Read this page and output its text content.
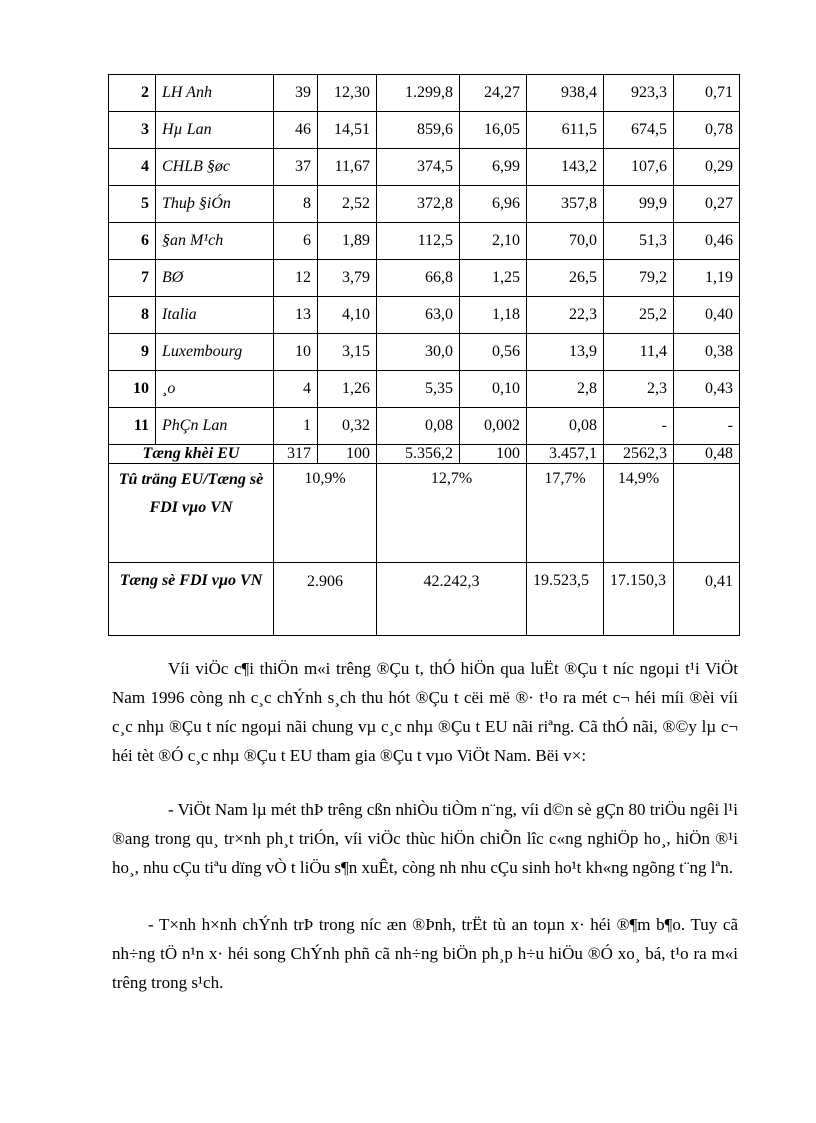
2	LH Anh	39	12,30	1.299,8	24,27	938,4	923,3	0,71
3	Hµ Lan	46	14,51	859,6	16,05	611,5	674,5	0,78
4	CHLB §øc	37	11,67	374,5	6,99	143,2	107,6	0,29
5	Thuþ §iÓn	8	2,52	372,8	6,96	357,8	99,9	0,27
6	§an M¹ch	6	1,89	112,5	2,10	70,0	51,3	0,46
7	BØ	12	3,79	66,8	1,25	26,5	79,2	1,19
8	Italia	13	4,10	63,0	1,18	22,3	25,2	0,40
9	Luxembourg	10	3,15	30,0	0,56	13,9	11,4	0,38
10	¸o	4	1,26	5,35	0,10	2,8	2,3	0,43
11	PhÇn Lan	1	0,32	0,08	0,002	0,08	-	-
Tæng khèi EU		317	100	5.356,2	100	3.457,1	2562,3	0,48
Tû träng EU/Tæng sè FDI vµo VN		10,9%		12,7%		17,7%	14,9%	
Tæng sè FDI vµo VN		2.906		42.242,3		19.523,5	17.150,3	0,41

Víi viÖc c¶i thiÖn m«i trêng ®Çu t, thÓ hiÖn qua luËt ®Çu t níc ngoµi t¹i ViÖt Nam 1996 còng nh c¸c chÝnh s¸ch thu hót ®Çu t cëi më ®· t¹o ra mét c¬ héi míi ®èi víi c¸c nhµ ®Çu t níc ngoµi nãi chung vµ c¸c nhµ ®Çu t EU nãi riªng. Cã thÓ nãi, ®©y lµ c¬ héi tèt ®Ó c¸c nhµ ®Çu t EU tham gia ®Çu t vµo ViÖt Nam. Bëi v×:

- ViÖt Nam lµ mét thÞ trêng cßn nhiÒu tiÒm n¨ng, víi d©n sè gÇn 80 triÖu ngêi l¹i ®ang trong qu¸ tr×nh ph¸t triÓn, víi viÖc thùc hiÖn chiÕn lîc c«ng nghiÖp ho¸, hiÖn ®¹i ho¸, nhu cÇu tiªu dïng vÒ t liÖu s¶n xuÊt, còng nh nhu cÇu sinh ho¹t kh«ng ngõng t¨ng lªn.

- T×nh h×nh chÝnh trÞ trong níc æn ®Þnh, trËt tù an toµn x· héi ®¶m b¶o. Tuy cã nh÷ng tÖ n¹n x· héi song ChÝnh phñ cã nh÷ng biÖn ph¸p h÷u hiÖu ®Ó xo¸ bá, t¹o ra m«i trêng trong s¹ch.
